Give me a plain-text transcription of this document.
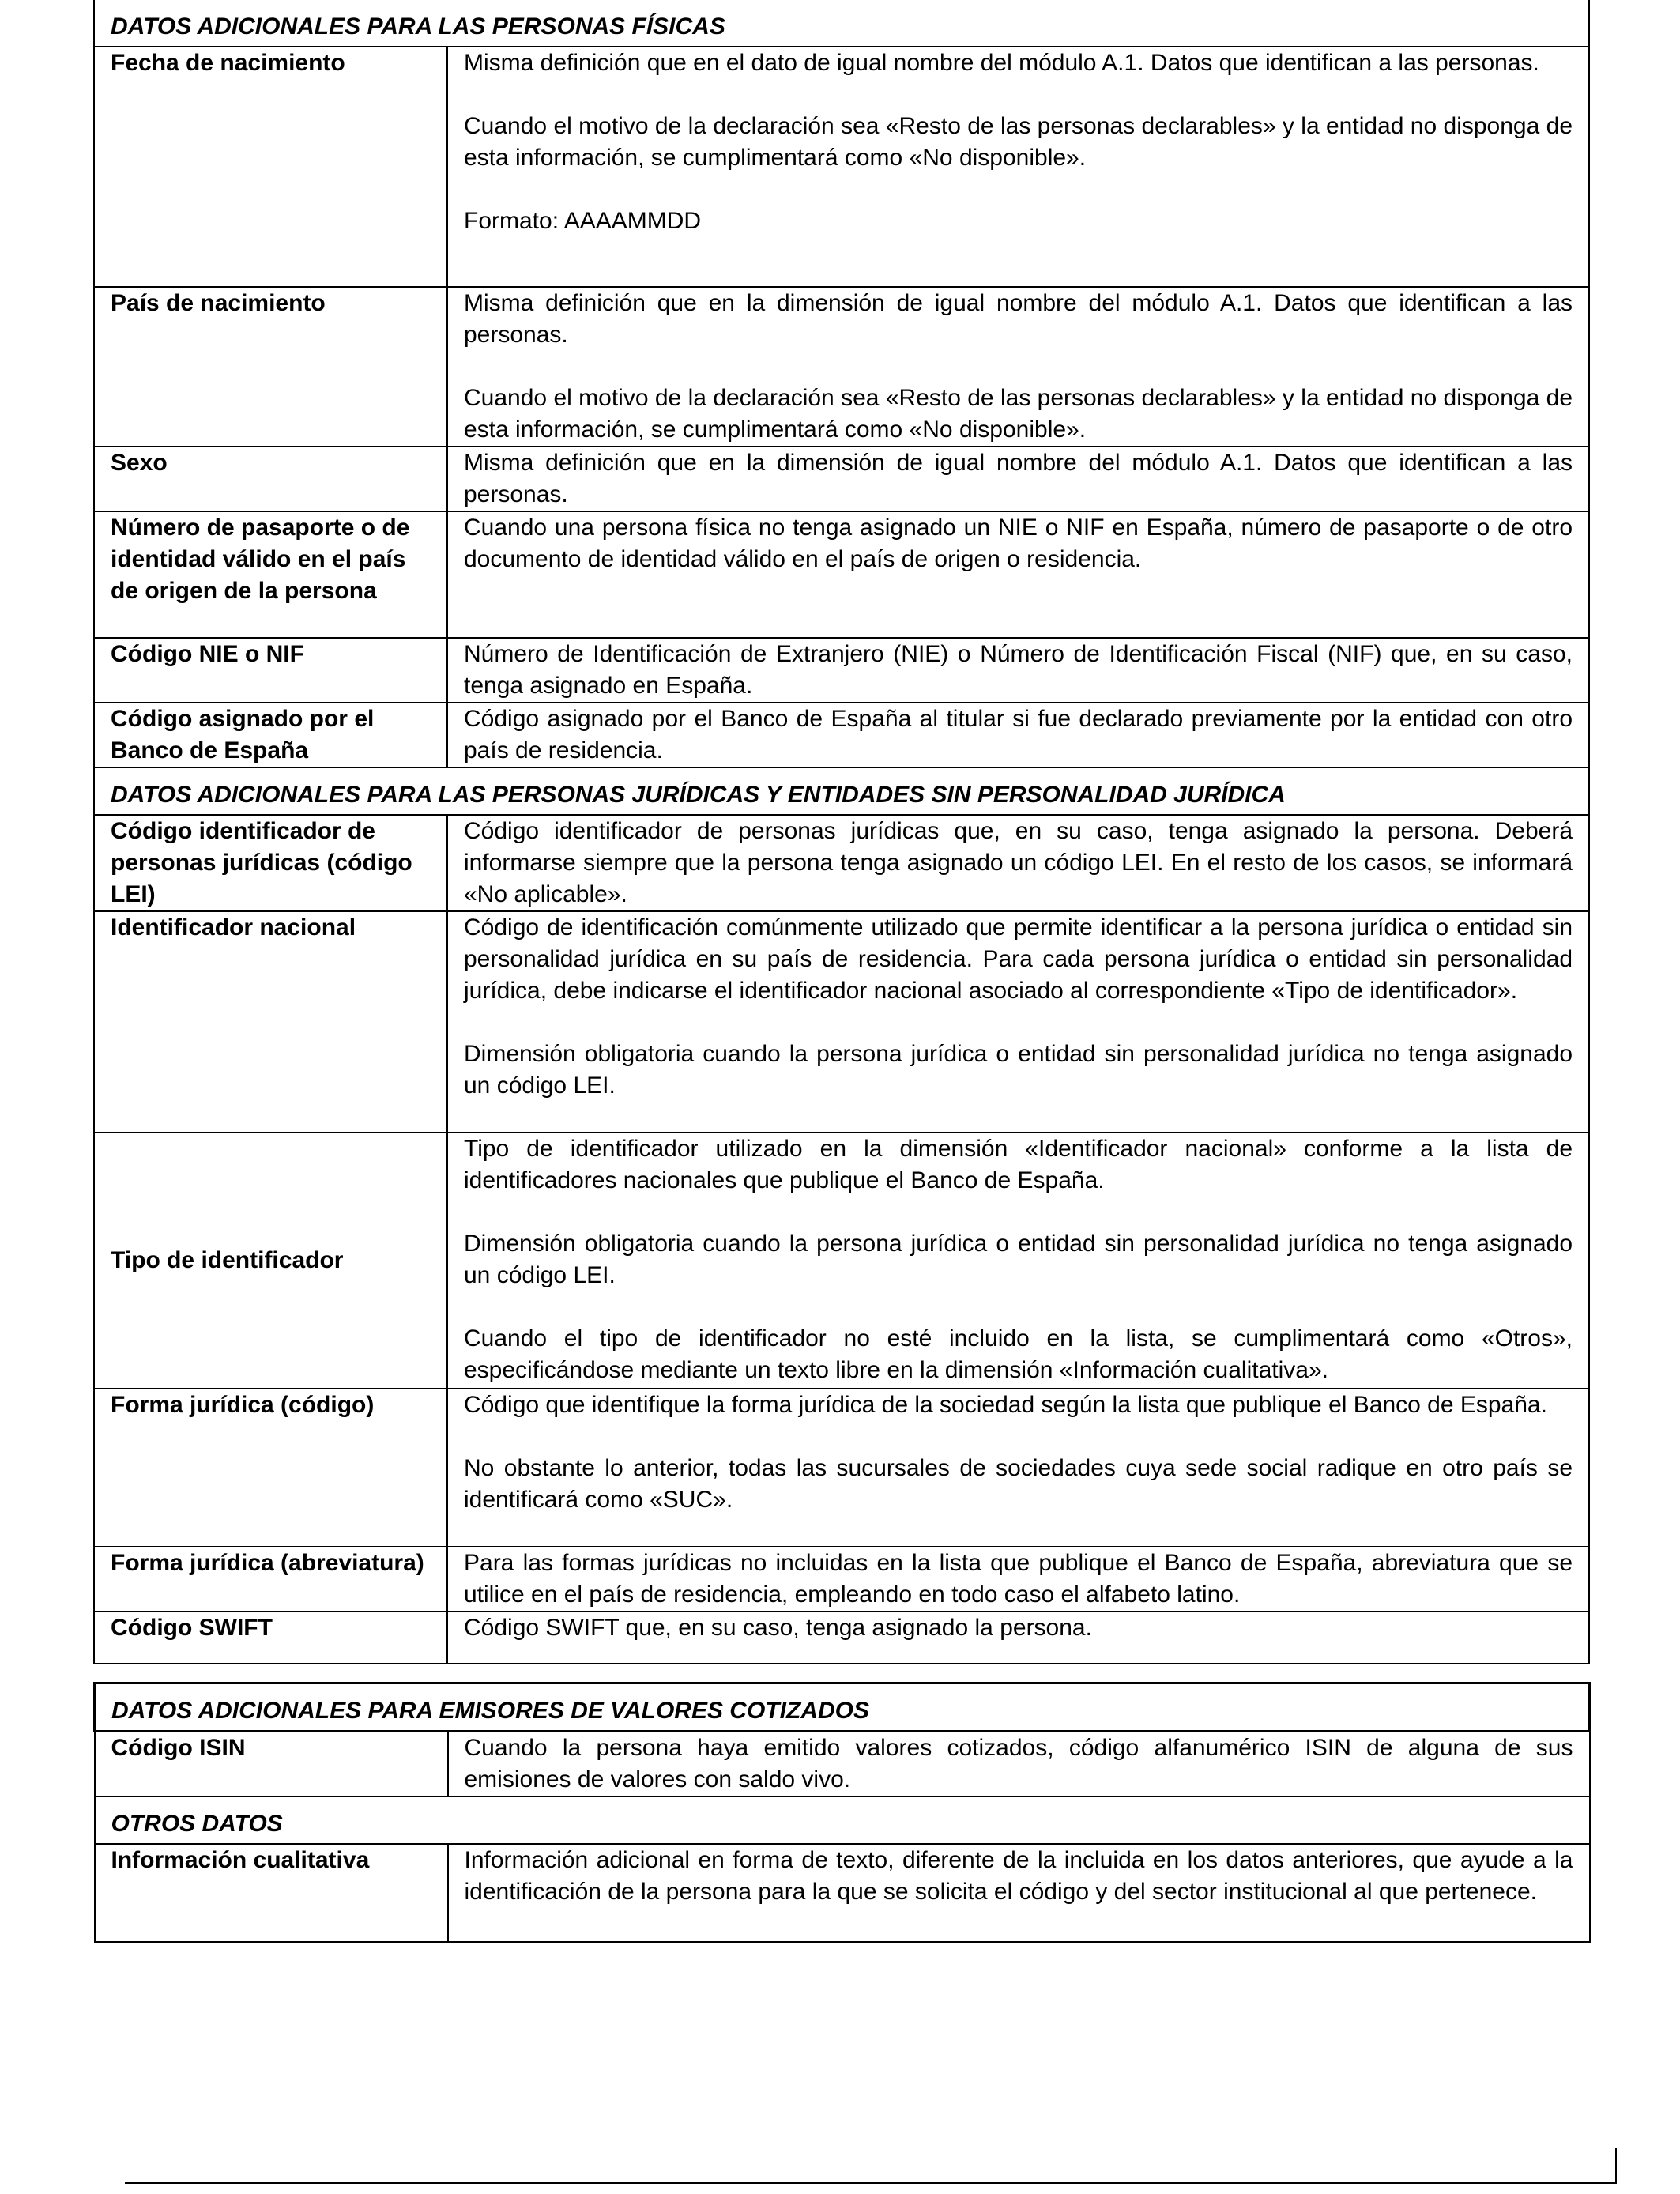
DATOS ADICIONALES PARA LAS PERSONAS FÍSICAS	
Fecha de nacimiento	Misma definición que en el dato de igual nombre del módulo A.1. Datos que identifican a las personas.

Cuando el motivo de la declaración sea «Resto de las personas declarables» y la entidad no disponga de esta información, se cumplimentará como «No disponible».

Formato: AAAAMMDD

País de nacimiento	Misma definición que en la dimensión de igual nombre del módulo A.1. Datos que identifican a las personas.

Cuando el motivo de la declaración sea «Resto de las personas declarables» y la entidad no disponga de esta información, se cumplimentará como «No disponible».

Sexo	Misma definición que en la dimensión de igual nombre del módulo A.1. Datos que identifican a las personas.

Número de pasaporte o de identidad válido en el país de origen de la persona	Cuando una persona física no tenga asignado un NIE o NIF en España, número de pasaporte o de otro documento de identidad válido en el país de origen o residencia.

Código NIE o NIF	Número de Identificación de Extranjero (NIE) o Número de Identificación Fiscal (NIF) que, en su caso, tenga asignado en España.

Código asignado por el Banco de España	Código asignado por el Banco de España al titular si fue declarado previamente por la entidad con otro país de residencia.

DATOS ADICIONALES PARA LAS PERSONAS JURÍDICAS Y ENTIDADES SIN PERSONALIDAD JURÍDICA	
Código identificador de personas jurídicas (código LEI)	Código identificador de personas jurídicas que, en su caso, tenga asignado la persona. Deberá informarse siempre que la persona tenga asignado un código LEI. En el resto de los casos, se informará «No aplicable».

Identificador nacional	Código de identificación comúnmente utilizado que permite identificar a la persona jurídica o entidad sin personalidad jurídica en su país de residencia. Para cada persona jurídica o entidad sin personalidad jurídica, debe indicarse el identificador nacional asociado al correspondiente «Tipo de identificador».

Dimensión obligatoria cuando la persona jurídica o entidad sin personalidad jurídica no tenga asignado un código LEI.

Tipo de identificador	Tipo de identificador utilizado en la dimensión «Identificador nacional» conforme a la lista de identificadores nacionales que publique el Banco de España.

Dimensión obligatoria cuando la persona jurídica o entidad sin personalidad jurídica no tenga asignado un código LEI.

Cuando el tipo de identificador no esté incluido en la lista, se cumplimentará como «Otros», especificándose mediante un texto libre en la dimensión «Información cualitativa».

Forma jurídica (código)	Código que identifique la forma jurídica de la sociedad según la lista que publique el Banco de España.

No obstante lo anterior, todas las sucursales de sociedades cuya sede social radique en otro país se identificará como «SUC».

Forma jurídica (abreviatura)	Para las formas jurídicas no incluidas en la lista que publique el Banco de España, abreviatura que se utilice en el país de residencia, empleando en todo caso el alfabeto latino.

Código SWIFT	Código SWIFT que, en su caso, tenga asignado la persona.

DATOS ADICIONALES PARA EMISORES DE VALORES COTIZADOS	
Código ISIN	Cuando la persona haya emitido valores cotizados, código alfanumérico ISIN de alguna de sus emisiones de valores con saldo vivo.

OTROS DATOS	
Información cualitativa	Información adicional en forma de texto, diferente de la incluida en los datos anteriores, que ayude a la identificación de la persona para la que se solicita el código y del sector institucional al que pertenece.
